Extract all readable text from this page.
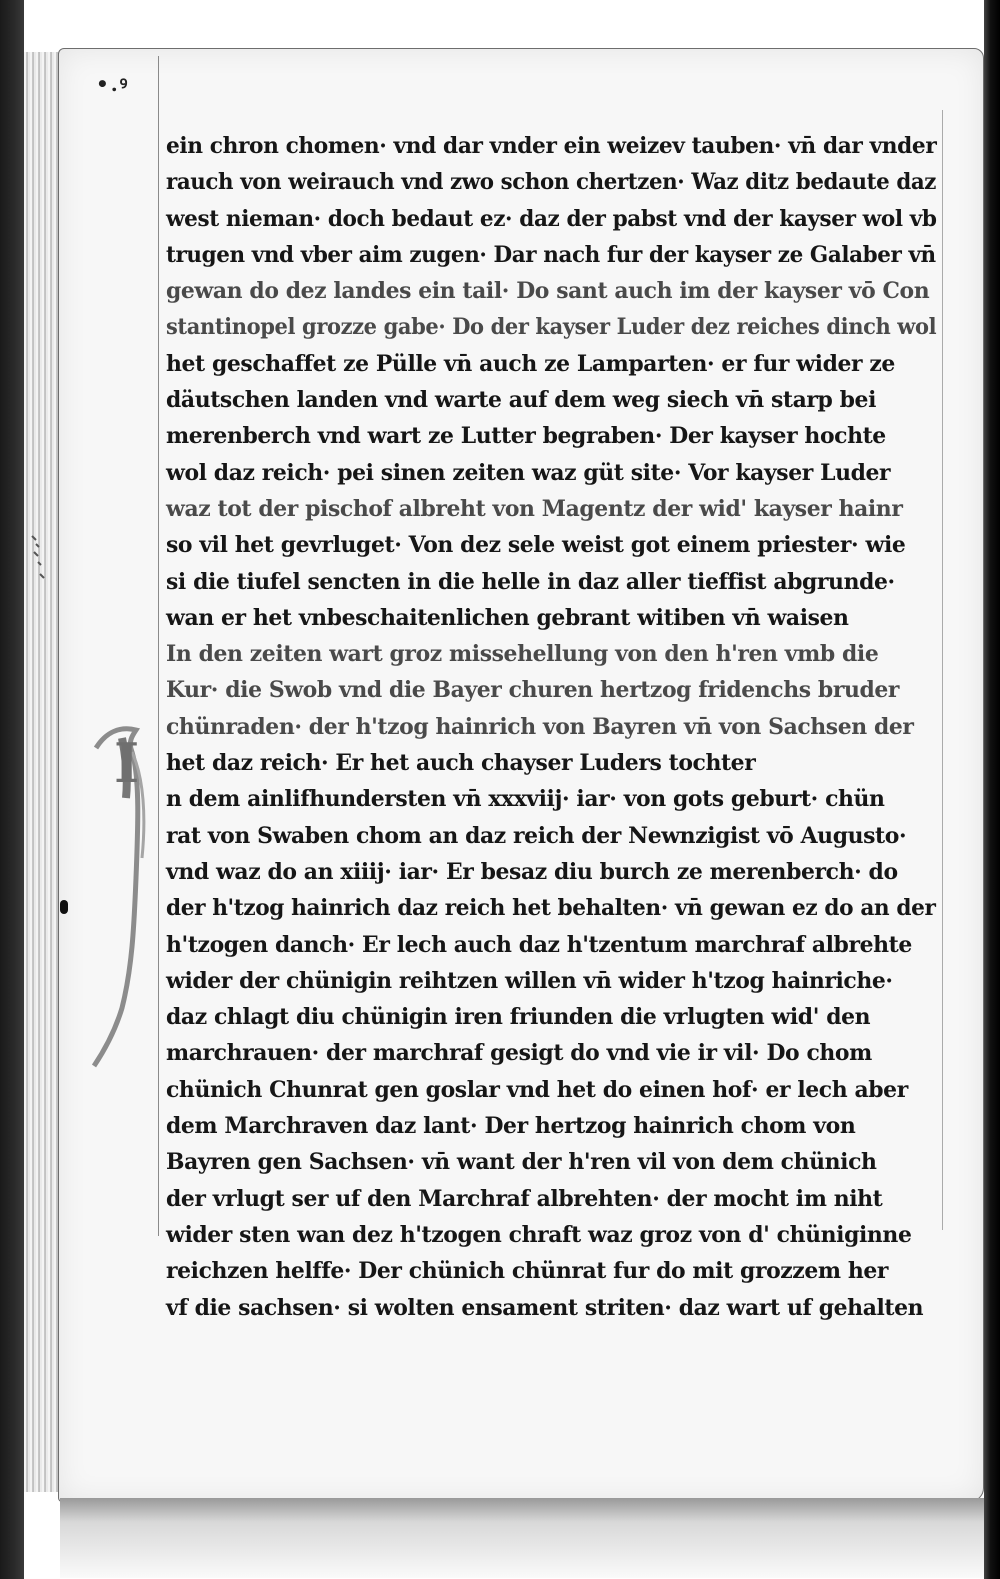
•.ꝰ
I
ein chron chomen· vnd dar vnder ein weizev tauben· vn̄ dar vnder
rauch von weirauch vnd zwo schon chertzen· Waz ditz bedaute daz
west nieman· doch bedaut ez· daz der pabst vnd der kayser wol vb
trugen vnd vber aim zugen· Dar nach fur der kayser ze Galaber vn̄
gewan do dez landes ein tail· Do sant auch im der kayser vō Con
stantinopel grozze gabe· Do der kayser Luder dez reiches dinch wol
het geschaffet ze Pülle vn̄ auch ze Lamparten· er fur wider ze
däutschen landen vnd warte auf dem weg siech vn̄ starp bei
merenberch vnd wart ze Lutter begraben· Der kayser hochte
wol daz reich· pei sinen zeiten waz güt site· Vor kayser Luder
waz tot der pischof albreht von Magentz der wid' kayser hainr
so vil het gevrluget· Von dez sele weist got einem priester· wie
si die tiufel sencten in die helle in daz aller tieffist abgrunde·
wan er het vnbeschaitenlichen gebrant witiben vn̄ waisen
In den zeiten wart groz missehellung von den h'ren vmb die
Kur· die Swob vnd die Bayer churen hertzog fridenchs bruder
chünraden· der h'tzog hainrich von Bayren vn̄ von Sachsen der
het daz reich· Er het auch chayser Luders tochter
n dem ainlifhundersten vn̄ xxxviij· iar· von gots geburt· chün
rat von Swaben chom an daz reich der Newnzigist vō Augusto·
vnd waz do an xiiij· iar· Er besaz diu burch ze merenberch· do
der h'tzog hainrich daz reich het behalten· vn̄ gewan ez do an der
h'tzogen danch· Er lech auch daz h'tzentum marchraf albrehte
wider der chünigin reihtzen willen vn̄ wider h'tzog hainriche·
daz chlagt diu chünigin iren friunden die vrlugten wid' den
marchrauen· der marchraf gesigt do vnd vie ir vil· Do chom
chünich Chunrat gen goslar vnd het do einen hof· er lech aber
dem Marchraven daz lant· Der hertzog hainrich chom von
Bayren gen Sachsen· vn̄ want der h'ren vil von dem chünich
der vrlugt ser uf den Marchraf albrehten· der mocht im niht
wider sten wan dez h'tzogen chraft waz groz von d' chüniginne
reichzen helffe· Der chünich chünrat fur do mit grozzem her
vf die sachsen· si wolten ensament striten· daz wart uf gehalten
